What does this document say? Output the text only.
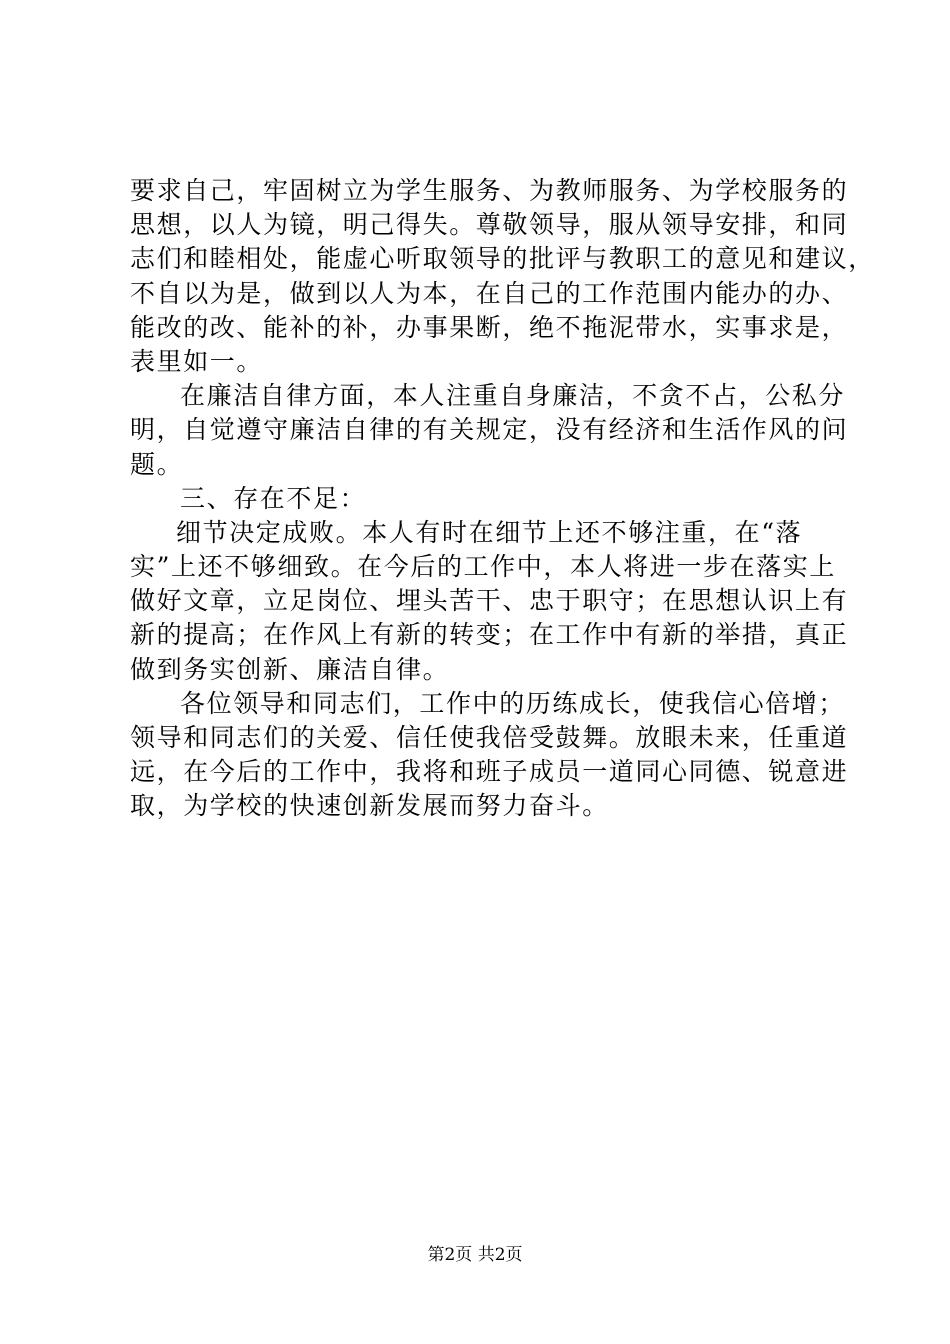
要求自己，牢固树立为学生服务、为教师服务、为学校服务的
思想，以人为镜，明己得失。尊敬领导，服从领导安排，和同
志们和睦相处，能虚心听取领导的批评与教职工的意见和建议，
不自以为是，做到以人为本，在自己的工作范围内能办的办、
能改的改、能补的补，办事果断，绝不拖泥带水，实事求是，
表里如一。
在廉洁自律方面，本人注重自身廉洁，不贪不占，公私分
明，自觉遵守廉洁自律的有关规定，没有经济和生活作风的问
题。
三、存在不足：
细节决定成败。本人有时在细节上还不够注重，在“落
实”上还不够细致。在今后的工作中，本人将进一步在落实上
做好文章，立足岗位、埋头苦干、忠于职守；在思想认识上有
新的提高；在作风上有新的转变；在工作中有新的举措，真正
做到务实创新、廉洁自律。
各位领导和同志们，工作中的历练成长，使我信心倍增；
领导和同志们的关爱、信任使我倍受鼓舞。放眼未来，任重道
远，在今后的工作中，我将和班子成员一道同心同德、锐意进
取，为学校的快速创新发展而努力奋斗。
第2页 共2页
